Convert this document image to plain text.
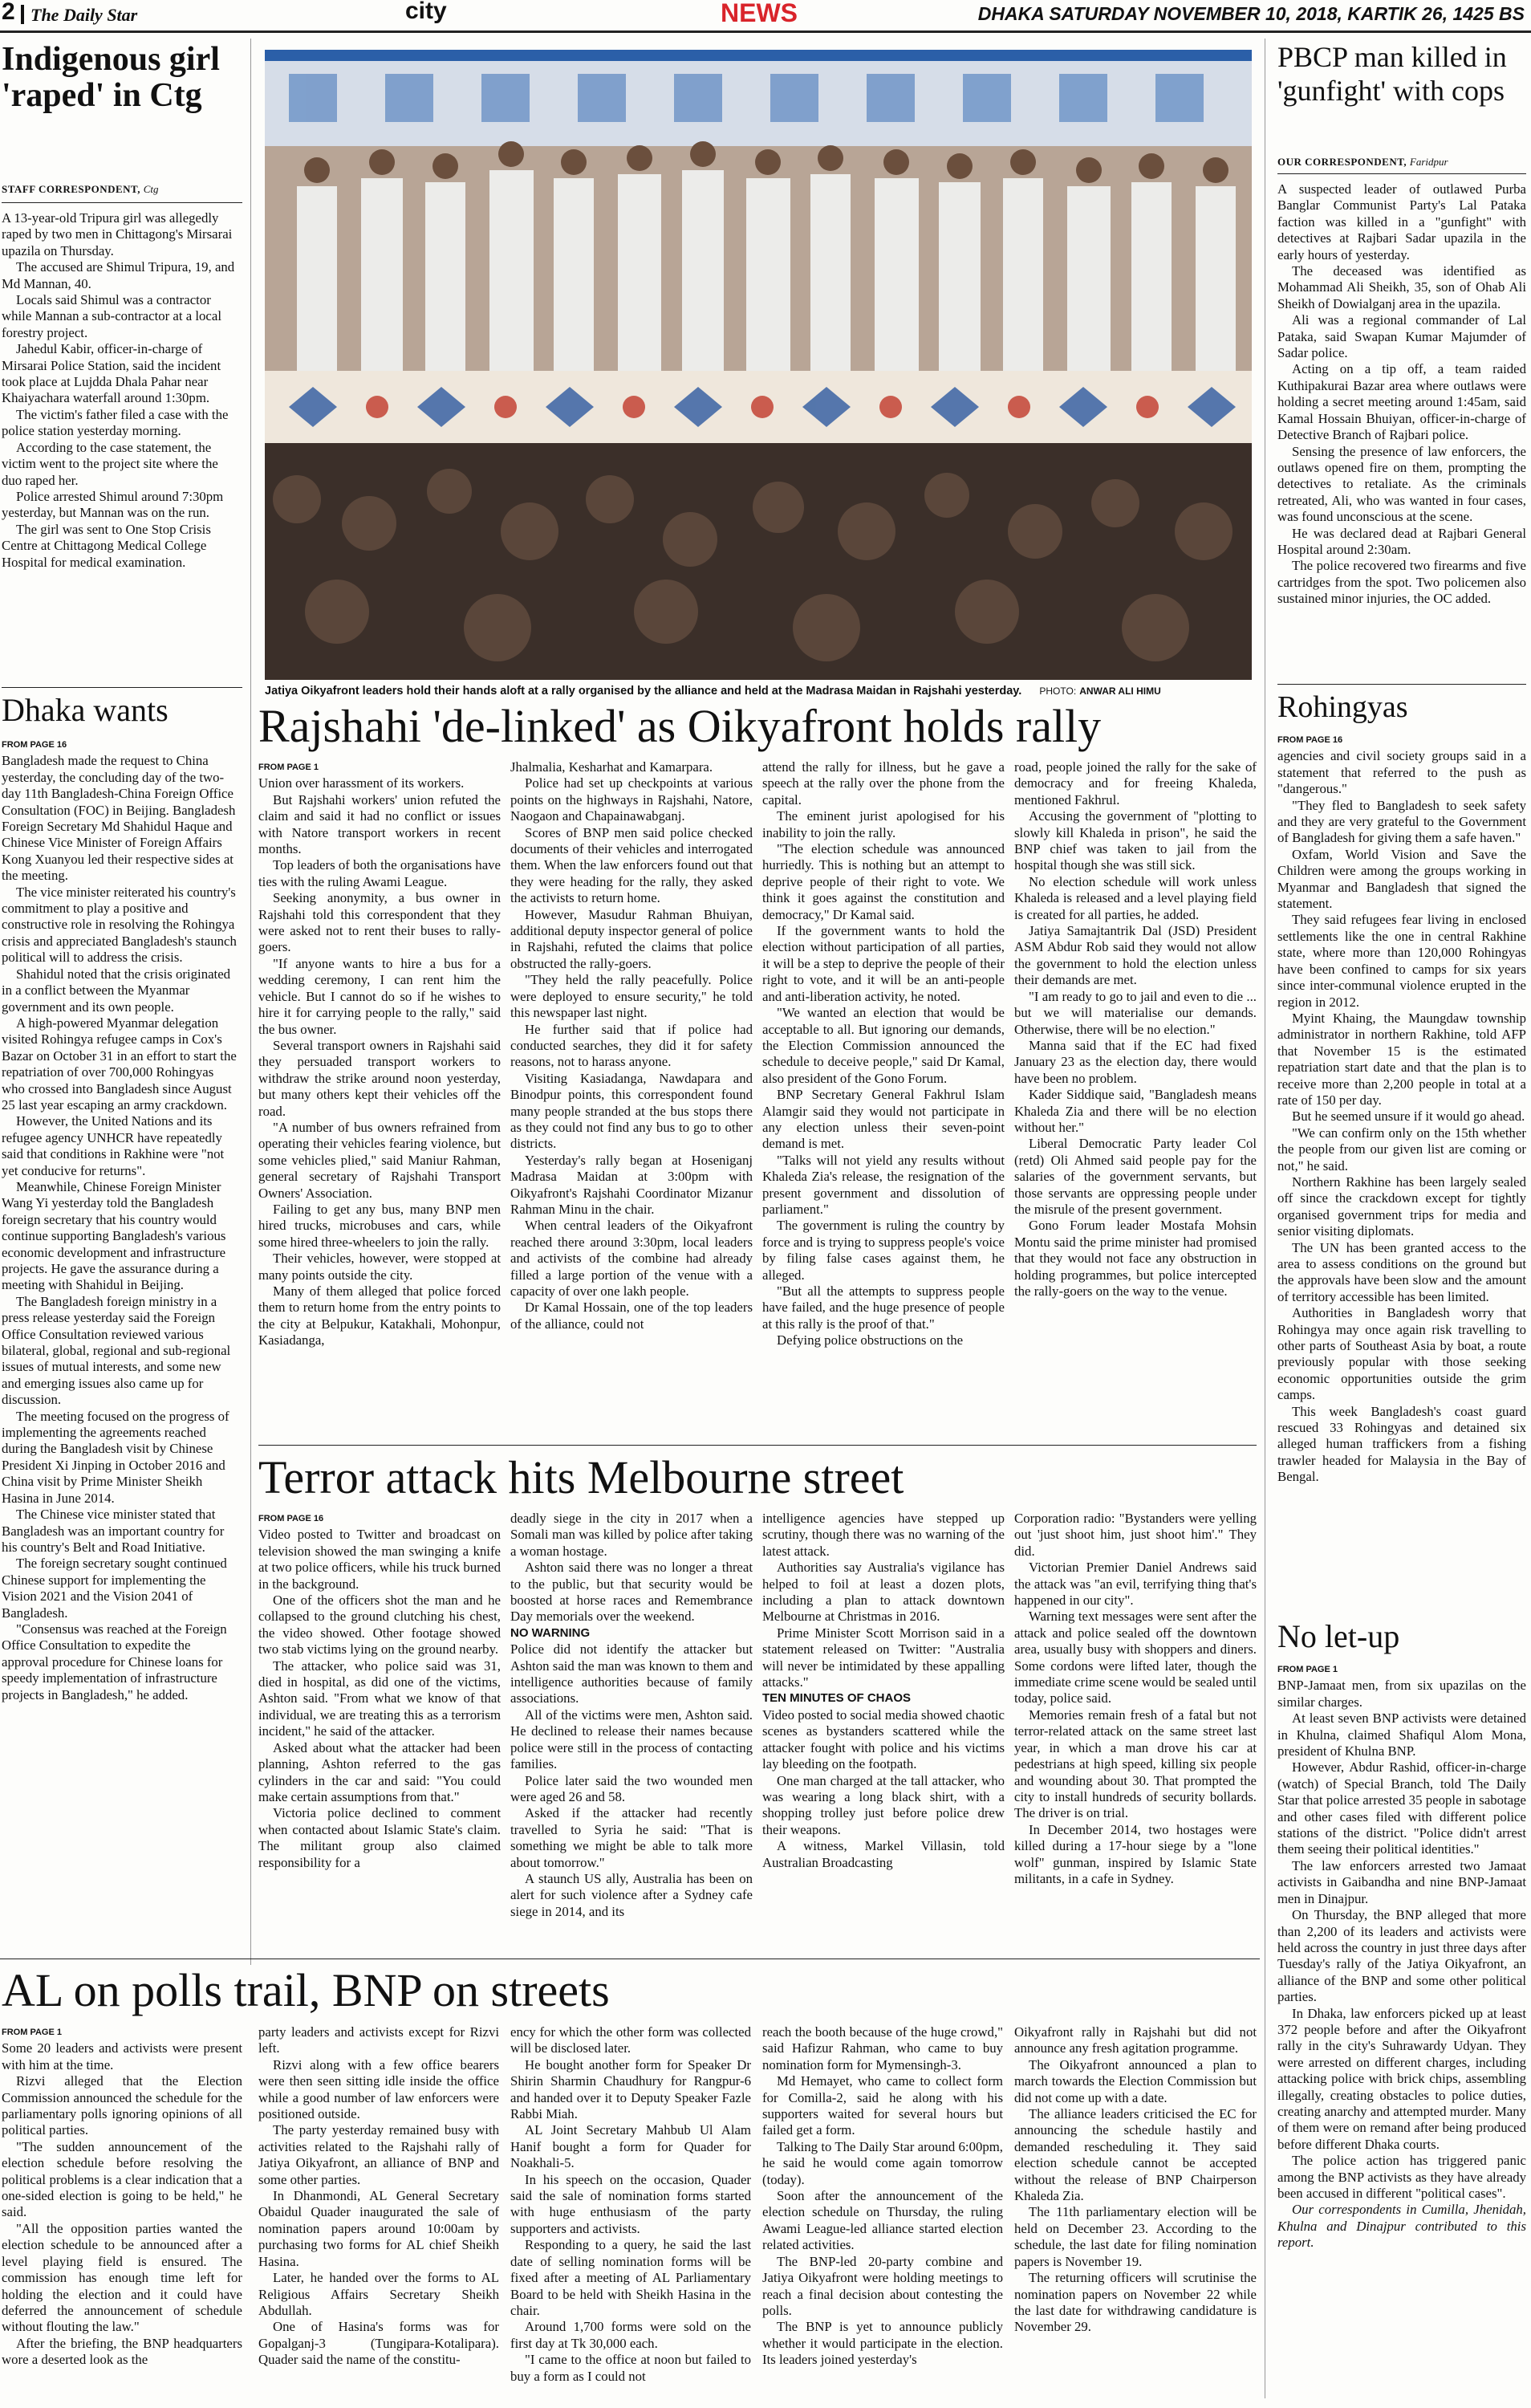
2 The Daily Star	city	NEWS	DHAKA SATURDAY NOVEMBER 10, 2018, KARTIK 26, 1425 BS
Indigenous girl 'raped' in Ctg
STAFF CORRESPONDENT, Ctg

A 13-year-old Tripura girl was allegedly raped by two men in Chittagong's Mirsarai upazila on Thursday.

The accused are Shimul Tripura, 19, and Md Mannan, 40.

Locals said Shimul was a contractor while Mannan a sub-contractor at a local forestry project.

Jahedul Kabir, officer-in-charge of Mirsarai Police Station, said the incident took place at Lujdda Dhala Pahar near Khaiyachara waterfall around 1:30pm.

The victim's father filed a case with the police station yesterday morning.

According to the case statement, the victim went to the project site where the duo raped her.

Police arrested Shimul around 7:30pm yesterday, but Mannan was on the run.

The girl was sent to One Stop Crisis Centre at Chittagong Medical College Hospital for medical examination.

Dhaka wants

FROM PAGE 16

Bangladesh made the request to China yesterday, the concluding day of the two-day 11th Bangladesh-China Foreign Office Consultation (FOC) in Beijing. Bangladesh Foreign Secretary Md Shahidul Haque and Chinese Vice Minister of Foreign Affairs Kong Xuanyou led their respective sides at the meeting.

The vice minister reiterated his country's commitment to play a positive and constructive role in resolving the Rohingya crisis and appreciated Bangladesh's staunch political will to address the crisis.

Shahidul noted that the crisis originated in a conflict between the Myanmar government and its own people.

A high-powered Myanmar delegation visited Rohingya refugee camps in Cox's Bazar on October 31 in an effort to start the repatriation of over 700,000 Rohingyas who crossed into Bangladesh since August 25 last year escaping an army crackdown.

However, the United Nations and its refugee agency UNHCR have repeatedly said that conditions in Rakhine were "not yet conducive for returns".

Meanwhile, Chinese Foreign Minister Wang Yi yesterday told the Bangladesh foreign secretary that his country would continue supporting Bangladesh's various economic development and infrastructure projects. He gave the assurance during a meeting with Shahidul in Beijing.

The Bangladesh foreign ministry in a press release yesterday said the Foreign Office Consultation reviewed various bilateral, global, regional and sub-regional issues of mutual interests, and some new and emerging issues also came up for discussion.

The meeting focused on the progress of implementing the agreements reached during the Bangladesh visit by Chinese President Xi Jinping in October 2016 and China visit by Prime Minister Sheikh Hasina in June 2014.

The Chinese vice minister stated that Bangladesh was an important country for his country's Belt and Road Initiative.

The foreign secretary sought continued Chinese support for implementing the Vision 2021 and the Vision 2041 of Bangladesh.

"Consensus was reached at the Foreign Office Consultation to expedite the approval procedure for Chinese loans for speedy implementation of infrastructure projects in Bangladesh," he added.

Jatiya Oikyafront leaders hold their hands aloft at a rally organised by the alliance and held at the Madrasa Maidan in Rajshahi yesterday. PHOTO: ANWAR ALI HIMU
Rajshahi 'de-linked' as Oikyafront holds rally

FROM PAGE 1

Union over harassment of its workers.

But Rajshahi workers' union refuted the claim and said it had no conflict or issues with Natore transport workers in recent months.

Top leaders of both the organisations have ties with the ruling Awami League.

Seeking anonymity, a bus owner in Rajshahi told this correspondent that they were asked not to rent their buses to rally-goers.

"If anyone wants to hire a bus for a wedding ceremony, I can rent him the vehicle. But I cannot do so if he wishes to hire it for carrying people to the rally," said the bus owner.

Several transport owners in Rajshahi said they persuaded transport workers to withdraw the strike around noon yesterday, but many others kept their vehicles off the road.

"A number of bus owners refrained from operating their vehicles fearing violence, but some vehicles plied," said Maniur Rahman, general secretary of Rajshahi Transport Owners' Association.

Failing to get any bus, many BNP men hired trucks, microbuses and cars, while some hired three-wheelers to join the rally.

Their vehicles, however, were stopped at many points outside the city.

Many of them alleged that police forced them to return home from the entry points to the city at Belpukur, Katakhali, Mohonpur, Kasiadanga,

Jhalmalia, Kesharhat and Kamarpara.

Police had set up checkpoints at various points on the highways in Rajshahi, Natore, Naogaon and Chapainawabganj.

Scores of BNP men said police checked documents of their vehicles and interrogated them. When the law enforcers found out that they were heading for the rally, they asked the activists to return home.

However, Masudur Rahman Bhuiyan, additional deputy inspector general of police in Rajshahi, refuted the claims that police obstructed the rally-goers.

"They held the rally peacefully. Police were deployed to ensure security," he told this newspaper last night.

He further said that if police had conducted searches, they did it for safety reasons, not to harass anyone.

Visiting Kasiadanga, Nawdapara and Binodpur points, this correspondent found many people stranded at the bus stops there as they could not find any bus to go to other districts.

Yesterday's rally began at Hoseniganj Madrasa Maidan at 3:00pm with Oikyafront's Rajshahi Coordinator Mizanur Rahman Minu in the chair.

When central leaders of the Oikyafront reached there around 3:30pm, local leaders and activists of the combine had already filled a large portion of the venue with a capacity of over one lakh people.

Dr Kamal Hossain, one of the top leaders of the alliance, could not

attend the rally for illness, but he gave a speech at the rally over the phone from the capital.

The eminent jurist apologised for his inability to join the rally.

"The election schedule was announced hurriedly. This is nothing but an attempt to deprive people of their right to vote. We think it goes against the constitution and democracy," Dr Kamal said.

If the government wants to hold the election without participation of all parties, it will be a step to deprive the people of their right to vote, and it will be an anti-people and anti-liberation activity, he noted.

"We wanted an election that would be acceptable to all. But ignoring our demands, the Election Commission announced the schedule to deceive people," said Dr Kamal, also president of the Gono Forum.

BNP Secretary General Fakhrul Islam Alamgir said they would not participate in any election unless their seven-point demand is met.

"Talks will not yield any results without Khaleda Zia's release, the resignation of the present government and dissolution of parliament."

The government is ruling the country by force and is trying to suppress people's voice by filing false cases against them, he alleged.

"But all the attempts to suppress people have failed, and the huge presence of people at this rally is the proof of that."

Defying police obstructions on the

road, people joined the rally for the sake of democracy and for freeing Khaleda, mentioned Fakhrul.

Accusing the government of "plotting to slowly kill Khaleda in prison", he said the BNP chief was taken to jail from the hospital though she was still sick.

No election schedule will work unless Khaleda is released and a level playing field is created for all parties, he added.

Jatiya Samajtantrik Dal (JSD) President ASM Abdur Rob said they would not allow the government to hold the election unless their demands are met.

"I am ready to go to jail and even to die ... but we will materialise our demands. Otherwise, there will be no election."

Manna said that if the EC had fixed January 23 as the election day, there would have been no problem.

Kader Siddique said, "Bangladesh means Khaleda Zia and there will be no election without her."

Liberal Democratic Party leader Col (retd) Oli Ahmed said people pay for the salaries of the government servants, but those servants are oppressing people under the misrule of the present government.

Gono Forum leader Mostafa Mohsin Montu said the prime minister had promised that they would not face any obstruction in holding programmes, but police intercepted the rally-goers on the way to the venue.

Terror attack hits Melbourne street

FROM PAGE 16

Video posted to Twitter and broadcast on television showed the man swinging a knife at two police officers, while his truck burned in the background.

One of the officers shot the man and he collapsed to the ground clutching his chest, the video showed. Other footage showed two stab victims lying on the ground nearby.

The attacker, who police said was 31, died in hospital, as did one of the victims, Ashton said. "From what we know of that individual, we are treating this as a terrorism incident," he said of the attacker.

Asked about what the attacker had been planning, Ashton referred to the gas cylinders in the car and said: "You could make certain assumptions from that."

Victoria police declined to comment when contacted about Islamic State's claim. The militant group also claimed responsibility for a

deadly siege in the city in 2017 when a Somali man was killed by police after taking a woman hostage.

Ashton said there was no longer a threat to the public, but that security would be boosted at horse races and Remembrance Day memorials over the weekend.

NO WARNING

Police did not identify the attacker but Ashton said the man was known to them and intelligence authorities because of family associations.

All of the victims were men, Ashton said. He declined to release their names because police were still in the process of contacting families.

Police later said the two wounded men were aged 26 and 58.

Asked if the attacker had recently travelled to Syria he said: "That is something we might be able to talk more about tomorrow."

A staunch US ally, Australia has been on alert for such violence after a Sydney cafe siege in 2014, and its

intelligence agencies have stepped up scrutiny, though there was no warning of the latest attack.

Authorities say Australia's vigilance has helped to foil at least a dozen plots, including a plan to attack downtown Melbourne at Christmas in 2016.

Prime Minister Scott Morrison said in a statement released on Twitter: "Australia will never be intimidated by these appalling attacks."

TEN MINUTES OF CHAOS

Video posted to social media showed chaotic scenes as bystanders scattered while the attacker fought with police and his victims lay bleeding on the footpath.

One man charged at the tall attacker, who was wearing a long black shirt, with a shopping trolley just before police drew their weapons.

A witness, Markel Villasin, told Australian Broadcasting

Corporation radio: "Bystanders were yelling out 'just shoot him, just shoot him'." They did.

Victorian Premier Daniel Andrews said the attack was "an evil, terrifying thing that's happened in our city".

Warning text messages were sent after the attack and police sealed off the downtown area, usually busy with shoppers and diners. Some cordons were lifted later, though the immediate crime scene would be sealed until today, police said.

Memories remain fresh of a fatal but not terror-related attack on the same street last year, in which a man drove his car at pedestrians at high speed, killing six people and wounding about 30. That prompted the city to install hundreds of security bollards. The driver is on trial.

In December 2014, two hostages were killed during a 17-hour siege by a "lone wolf" gunman, inspired by Islamic State militants, in a cafe in Sydney.

PBCP man killed in 'gunfight' with cops
OUR CORRESPONDENT, Faridpur

A suspected leader of outlawed Purba Banglar Communist Party's Lal Pataka faction was killed in a "gunfight" with detectives at Rajbari Sadar upazila in the early hours of yesterday.

The deceased was identified as Mohammad Ali Sheikh, 35, son of Ohab Ali Sheikh of Dowialganj area in the upazila.

Ali was a regional commander of Lal Pataka, said Swapan Kumar Majumder of Sadar police.

Acting on a tip off, a team raided Kuthipakurai Bazar area where outlaws were holding a secret meeting around 1:45am, said Kamal Hossain Bhuiyan, officer-in-charge of Detective Branch of Rajbari police.

Sensing the presence of law enforcers, the outlaws opened fire on them, prompting the detectives to retaliate. As the criminals retreated, Ali, who was wanted in four cases, was found unconscious at the scene.

He was declared dead at Rajbari General Hospital around 2:30am.

The police recovered two firearms and five cartridges from the spot. Two policemen also sustained minor injuries, the OC added.

Rohingyas

FROM PAGE 16

agencies and civil society groups said in a statement that referred to the push as "dangerous."

"They fled to Bangladesh to seek safety and they are very grateful to the Government of Bangladesh for giving them a safe haven."

Oxfam, World Vision and Save the Children were among the groups working in Myanmar and Bangladesh that signed the statement.

They said refugees fear living in enclosed settlements like the one in central Rakhine state, where more than 120,000 Rohingyas have been confined to camps for six years since inter-communal violence erupted in the region in 2012.

Myint Khaing, the Maungdaw township administrator in northern Rakhine, told AFP that November 15 is the estimated repatriation start date and that the plan is to receive more than 2,200 people in total at a rate of 150 per day.

But he seemed unsure if it would go ahead.

"We can confirm only on the 15th whether the people from our given list are coming or not," he said.

Northern Rakhine has been largely sealed off since the crackdown except for tightly organised government trips for media and senior visiting diplomats.

The UN has been granted access to the area to assess conditions on the ground but the approvals have been slow and the amount of territory accessible has been limited.

Authorities in Bangladesh worry that Rohingya may once again risk travelling to other parts of Southeast Asia by boat, a route previously popular with those seeking economic opportunities outside the grim camps.

This week Bangladesh's coast guard rescued 33 Rohingyas and detained six alleged human traffickers from a fishing trawler headed for Malaysia in the Bay of Bengal.

No let-up

FROM PAGE 1

BNP-Jamaat men, from six upazilas on the similar charges.

At least seven BNP activists were detained in Khulna, claimed Shafiqul Alom Mona, president of Khulna BNP.

However, Abdur Rashid, officer-in-charge (watch) of Special Branch, told The Daily Star that police arrested 35 people in sabotage and other cases filed with different police stations of the district. "Police didn't arrest them seeing their political identities."

The law enforcers arrested two Jamaat activists in Gaibandha and nine BNP-Jamaat men in Dinajpur.

On Thursday, the BNP alleged that more than 2,200 of its leaders and activists were held across the country in just three days after Tuesday's rally of the Jatiya Oikyafront, an alliance of the BNP and some other political parties.

In Dhaka, law enforcers picked up at least 372 people before and after the Oikyafront rally in the city's Suhrawardy Udyan. They were arrested on different charges, including attacking police with brick chips, assembling illegally, creating obstacles to police duties, creating anarchy and attempted murder. Many of them were on remand after being produced before different Dhaka courts.

The police action has triggered panic among the BNP activists as they have already been accused in different "political cases".

Our correspondents in Cumilla, Jhenidah, Khulna and Dinajpur contributed to this report.

AL on polls trail, BNP on streets

FROM PAGE 1

Some 20 leaders and activists were present with him at the time.

Rizvi alleged that the Election Commission announced the schedule for the parliamentary polls ignoring opinions of all political parties.

"The sudden announcement of the election schedule before resolving the political problems is a clear indication that a one-sided election is going to be held," he said.

"All the opposition parties wanted the election schedule to be announced after a level playing field is ensured. The commission has enough time left for holding the election and it could have deferred the announcement of schedule without flouting the law."

After the briefing, the BNP headquarters wore a deserted look as the

party leaders and activists except for Rizvi left.

Rizvi along with a few office bearers were then seen sitting idle inside the office while a good number of law enforcers were positioned outside.

The party yesterday remained busy with activities related to the Rajshahi rally of Jatiya Oikyafront, an alliance of BNP and some other parties.

In Dhanmondi, AL General Secretary Obaidul Quader inaugurated the sale of nomination papers around 10:00am by purchasing two forms for AL chief Sheikh Hasina.

Later, he handed over the forms to AL Religious Affairs Secretary Sheikh Abdullah.

One of Hasina's forms was for Gopalganj-3 (Tungipara-Kotalipara). Quader said the name of the constitu-

ency for which the other form was collected will be disclosed later.

He bought another form for Speaker Dr Shirin Sharmin Chaudhury for Rangpur-6 and handed over it to Deputy Speaker Fazle Rabbi Miah.

AL Joint Secretary Mahbub Ul Alam Hanif bought a form for Quader for Noakhali-5.

In his speech on the occasion, Quader said the sale of nomination forms started with huge enthusiasm of the party supporters and activists.

Responding to a query, he said the last date of selling nomination forms will be fixed after a meeting of AL Parliamentary Board to be held with Sheikh Hasina in the chair.

Around 1,700 forms were sold on the first day at Tk 30,000 each.

"I came to the office at noon but failed to buy a form as I could not

reach the booth because of the huge crowd," said Hafizur Rahman, who came to buy nomination form for Mymensingh-3.

Md Hemayet, who came to collect form for Comilla-2, said he along with his supporters waited for several hours but failed get a form.

Talking to The Daily Star around 6:00pm, he said he would come again tomorrow (today).

Soon after the announcement of the election schedule on Thursday, the ruling Awami League-led alliance started election related activities.

The BNP-led 20-party combine and Jatiya Oikyafront were holding meetings to reach a final decision about contesting the polls.

The BNP is yet to announce publicly whether it would participate in the election. Its leaders joined yesterday's

Oikyafront rally in Rajshahi but did not announce any fresh agitation programme.

The Oikyafront announced a plan to march towards the Election Commission but did not come up with a date.

The alliance leaders criticised the EC for announcing the schedule hastily and demanded rescheduling it. They said election schedule cannot be accepted without the release of BNP Chairperson Khaleda Zia.

The 11th parliamentary election will be held on December 23. According to the schedule, the last date for filing nomination papers is November 19.

The returning officers will scrutinise the nomination papers on November 22 while the last date for withdrawing candidature is November 29.
